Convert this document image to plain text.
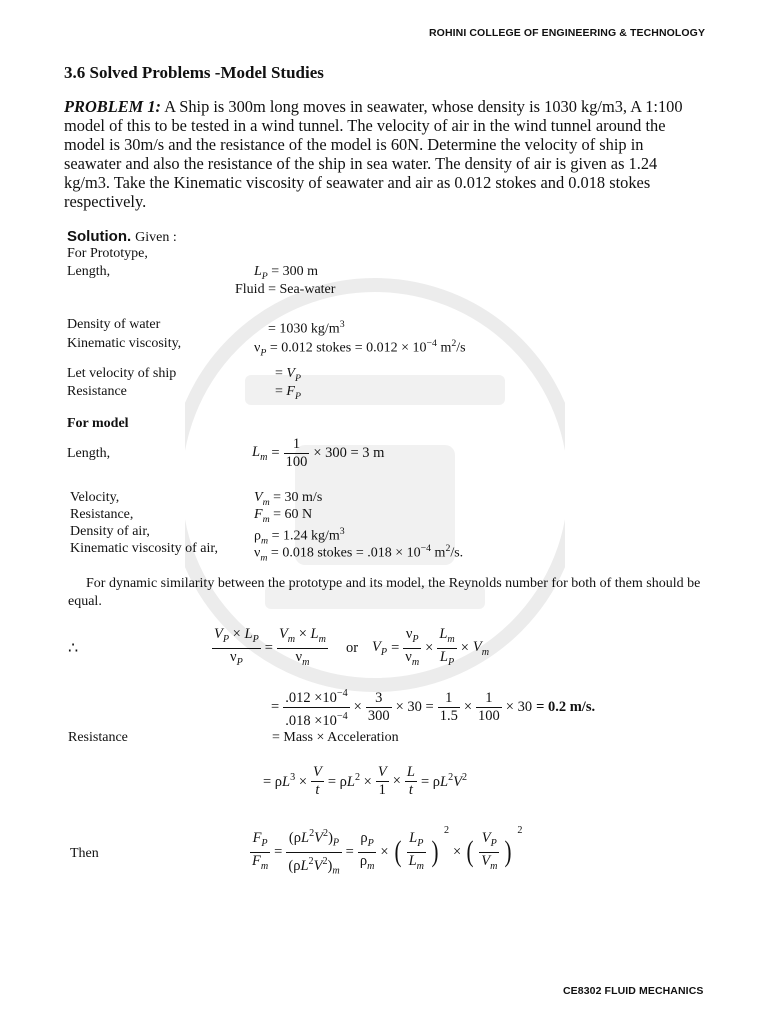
ROHINI COLLEGE OF ENGINEERING & TECHNOLOGY
3.6 Solved Problems -Model Studies
PROBLEM 1: A Ship is 300m long moves in seawater, whose density is 1030 kg/m3, A 1:100 model of this to be tested in a wind tunnel. The velocity of air in the wind tunnel around the model is 30m/s and the resistance of the model is 60N. Determine the velocity of ship in seawater and also the resistance of the ship in sea water. The density of air is given as 1.24 kg/m3. Take the Kinematic viscosity of seawater and air as 0.012 stokes and 0.018 stokes respectively.
Solution. Given :
For Prototype,
Length,	$L_P = 300$ m
Fluid = Sea-water
Density of water	= 1030 $kg/m^3$
Kinematic viscosity,	$\nu_P = 0.012$ stokes = $0.012 \times 10^{-4}$ $m^2/s$
Let velocity of ship	= $V_P$
Resistance	= $F_P$
For model
Length,	$L_m = \frac{1}{100} \times 300 = 3$ m
Velocity,	$V_m = 30$ m/s
Resistance,	$F_m = 60$ N
Density of air,	$\rho_m = 1.24$ $kg/m^3$
Kinematic viscosity of air,	$\nu_m = 0.018$ stokes = $.018 \times 10^{-4}$ $m^2/s$.
For dynamic similarity between the prototype and its model, the Reynolds number for both of them should be equal.
∴	$\frac{V_P \times L_P}{\nu_P} = \frac{V_m \times L_m}{\nu_m}$ or $V_P = \frac{\nu_P}{\nu_m} \times \frac{L_m}{L_P} \times V_m$
= $\frac{.012 \times 10^{-4}}{.018 \times 10^{-4}} \times \frac{3}{300} \times 30 = \frac{1}{1.5} \times \frac{1}{100} \times 30 = 0.2$ m/s.
Resistance	= Mass × Acceleration
= $\rho L^3 \times \frac{V}{t} = \rho L^2 \times \frac{V}{1} \times \frac{L}{t} = \rho L^2V^2$
Then	$\frac{F_P}{F_m} = \frac{(\rho L^2V^2)_P}{(\rho L^2V^2)_m} = \frac{\rho_P}{\rho_m}$ × ( $\frac{L_P}{L_m}$ )
2
× ( $\frac{V_P}{V_m}$ )
2
CE8302 FLUID MECHANICS
